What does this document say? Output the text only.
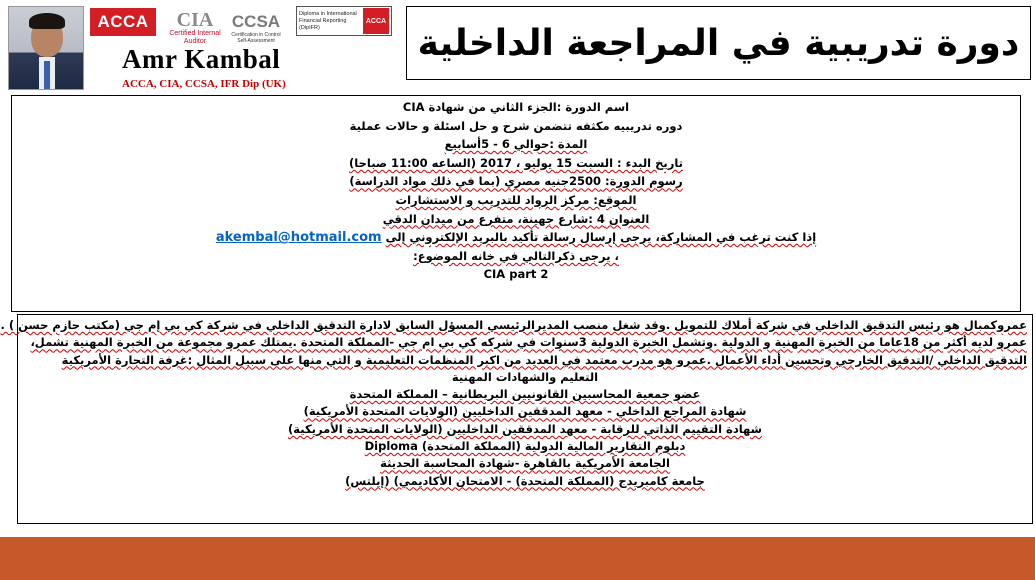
ACCA CIA
Certified Internal Auditor
CCSA
Certification in Control Self-Assessment
Diploma in International Financial Reporting (DipIFR)
ACCA
Amr Kambal
ACCA, CIA, CCSA, IFR Dip (UK)
دورة تدريبية في المراجعة الداخلية
اسم الدورة :الجزء الثاني من شهادة CIA
دوره تدريبيه مكثفه تتضمن شرح و حل اسئلة و حالات عملية
المدة :حوالي 6 - 5أسابيع
تاريخ البدء : السبت 15 يوليو ، 2017 (الساعه 11:00 صباحا)
رسوم الدورة: 2500جنيه مصري (بما في ذلك مواد الدراسة)
الموقع: مركز الرواد للتدريب و الاستشارات
العنوان 4 :شارع جهينة، متفرع من ميدان الدقي
إذا كنت ترغب في المشاركة، يرجى إرسال رسالة تأكيد بالبريد الإلكتروني إلى akembal@hotmail.com
، يرجى ذكرالتالي في خانه الموضوع:
CIA part 2
عمروكمبال هو رئيس التدقيق الداخلي في شركة أملاك للتمويل .وقد شغل منصب المديرالرئيسي المسؤل السابق لادارة التدقيق الداخلي في شركة كي بي إم جي (مكتب حازم حسن ) .
عمرو لديه أكثر من 18عاما من الخبرة المهنية و الدولية .وتشمل الخبرة الدولية 3سنوات في شركه كي بي ام جي -المملكة المتحدة .يمتلك عمرو مجموعة من الخبرة المهنية تشمل،
التدقيق الداخلي /التدقيق الخارجي وتحسين أداء الأعمال .عمرو هو مدرب معتمد في العديد من اكبر المنظمات التعليمية و التي منها على سبيل المثال :غرفة التجارة الأمريكية
التعليم والشهادات المهنية
عضو جمعية المحاسبين القانونيين البريطانية – المملكة المتحدة
شهادة المراجع الداخلي - معهد المدققين الداخليين (الولايات المتحدة الأمريكية)
شهادة التقييم الذاتي للرقابة - معهد المدققين الداخليين (الولايات المتحدة الأمريكية)
دبلوم التقارير المالية الدولية (المملكة المتحدة) Diploma
الجامعة الأمريكية بالقاهرة -شهادة المحاسبة الحديثة
جامعة كامبريدج (المملكة المتحدة) - الامتحان الأكاديمي) (إيلتس)
